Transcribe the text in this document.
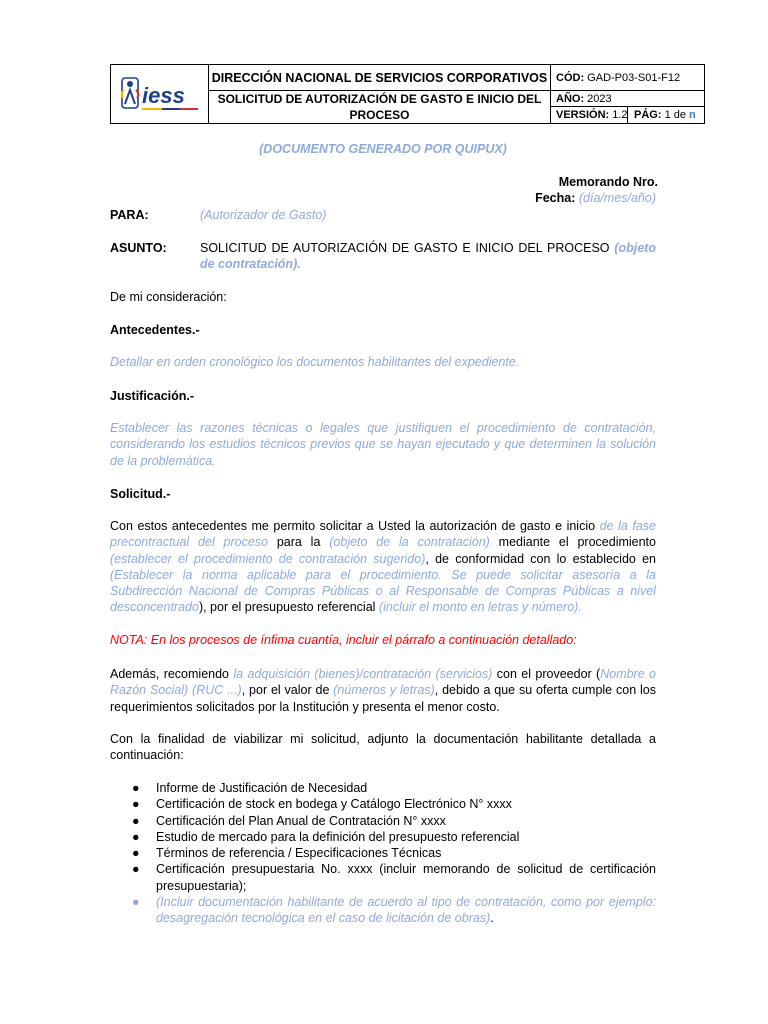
iess
DIRECCIÓN NACIONAL DE SERVICIOS CORPORATIVOS
SOLICITUD DE AUTORIZACIÓN DE GASTO E INICIO DEL PROCESO
CÓD:
GAD-P03-S01-F12
AÑO:
2023
VERSIÓN:
1.2 PÁG:
1 de
n
(DOCUMENTO GENERADO POR QUIPUX)
Memorando Nro.
Fecha: (día/mes/año)
PARA:	(Autorizador de Gasto)
ASUNTO:	SOLICITUD DE AUTORIZACIÓN DE GASTO E INICIO DEL PROCESO (objeto de contratación).
De mi consideración:
Antecedentes.-
Detallar en orden cronológico los documentos habilitantes del expediente.
Justificación.-
Establecer las razones técnicas o legales que justifiquen el procedimiento de contratación, considerando los estudios técnicos previos que se hayan ejecutado y que determinen la solución de la problemática.
Solicitud.-
Con estos antecedentes me permito solicitar a Usted la autorización de gasto e inicio de la fase precontractual del proceso para la (objeto de la contratación) mediante el procedimiento (establecer el procedimiento de contratación sugerido), de conformidad con lo establecido en (Establecer la norma aplicable para el procedimiento. Se puede solicitar asesoría a la Subdirección Nacional de Compras Públicas o al Responsable de Compras Públicas a nivel desconcentrado), por el presupuesto referencial (incluir el monto en letras y número).
NOTA: En los procesos de ínfima cuantía, incluir el párrafo a continuación detallado:
Además, recomiendo la adquisición (bienes)/contratación (servicios) con el proveedor (Nombre o Razón Social) (RUC ...), por el valor de (números y letras), debido a que su oferta cumple con los requerimientos solicitados por la Institución y presenta el menor costo.
Con la finalidad de viabilizar mi solicitud, adjunto la documentación habilitante detallada a continuación:
● Informe de Justificación de Necesidad
● Certificación de stock en bodega y Catálogo Electrónico N° xxxx
● Certificación del Plan Anual de Contratación N° xxxx
● Estudio de mercado para la definición del presupuesto referencial
● Términos de referencia / Especificaciones Técnicas
● Certificación presupuestaria No. xxxx (incluir memorando de solicitud de certificación presupuestaria);
● (Incluir documentación habilitante de acuerdo al tipo de contratación, como por ejemplo: desagregación tecnológica en el caso de licitación de obras).
